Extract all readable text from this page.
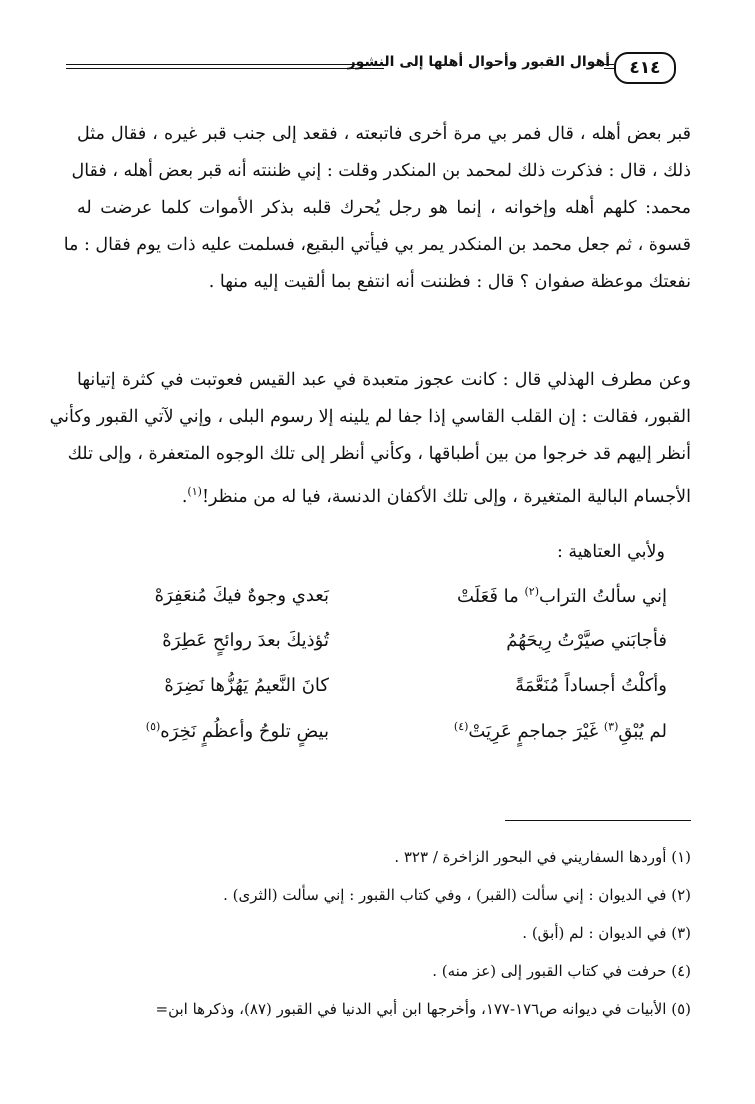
٤١٤
أهوال القبور وأحوال أهلها إلى النشور
قبر بعض أهله ، قال فمر بي مرة أخرى فاتبعته ، فقعد إلى جنب قبر غيره ، فقال مثل
ذلك ، قال : فذكرت ذلك لمحمد بن المنكدر وقلت : إني ظننته أنه قبر بعض أهله ، فقال
محمد: كلهم أهله وإخوانه ، إنما هو رجل يُحرك قلبه بذكر الأموات كلما عرضت له
قسوة ، ثم جعل محمد بن المنكدر يمر بي فيأتي البقيع، فسلمت عليه ذات يوم فقال : ما
نفعتك موعظة صفوان ؟ قال : فظننت أنه انتفع بما ألقيت إليه منها .
وعن مطرف الهذلي قال : كانت عجوز متعبدة في عبد القيس فعوتبت في كثرة إتيانها
القبور، فقالت : إن القلب القاسي إذا جفا لم يلينه إلا رسوم البلى ، وإني لآتي القبور وكأني
أنظر إليهم قد خرجوا من بين أطباقها ، وكأني أنظر إلى تلك الوجوه المتعفرة ، وإلى تلك
الأجسام البالية المتغيرة ، وإلى تلك الأكفان الدنسة، فيا له من منظر!$^{(١)}$.
ولأبي العتاهية :
إني سألتُ التراب$^{(٢)}$ ما فَعَلَتْ
بَعدي وجوهٌ فيكَ مُنعَفِرَهْ
فأجابَني صيَّرْتُ رِيحَهُمُ
تُؤذيكَ بعدَ روائحٍ عَطِرَهْ
وأكلْتُ أجساداً مُنَعَّمَةً
كانَ النَّعيمُ يَهُزُّها نَضِرَهْ
لم يُبْقِ$^{(٣)}$ غَيْرَ جماجمٍ عَرِيَتْ$^{(٤)}$
بيضٍ تلوحُ وأعظُمٍ نَخِرَه$^{(٥)}$
(١) أوردها السفاريني في البحور الزاخرة / ٣٢٣ .
(٢) في الديوان : إني سألت (القبر) ، وفي كتاب القبور : إني سألت (الثرى) .
(٣) في الديوان : لم (أبق) .
(٤) حرفت في كتاب القبور إلى (عز منه) .
(٥) الأبيات في ديوانه ص١٧٦-١٧٧، وأخرجها ابن أبي الدنيا في القبور (٨٧)، وذكرها ابن=
